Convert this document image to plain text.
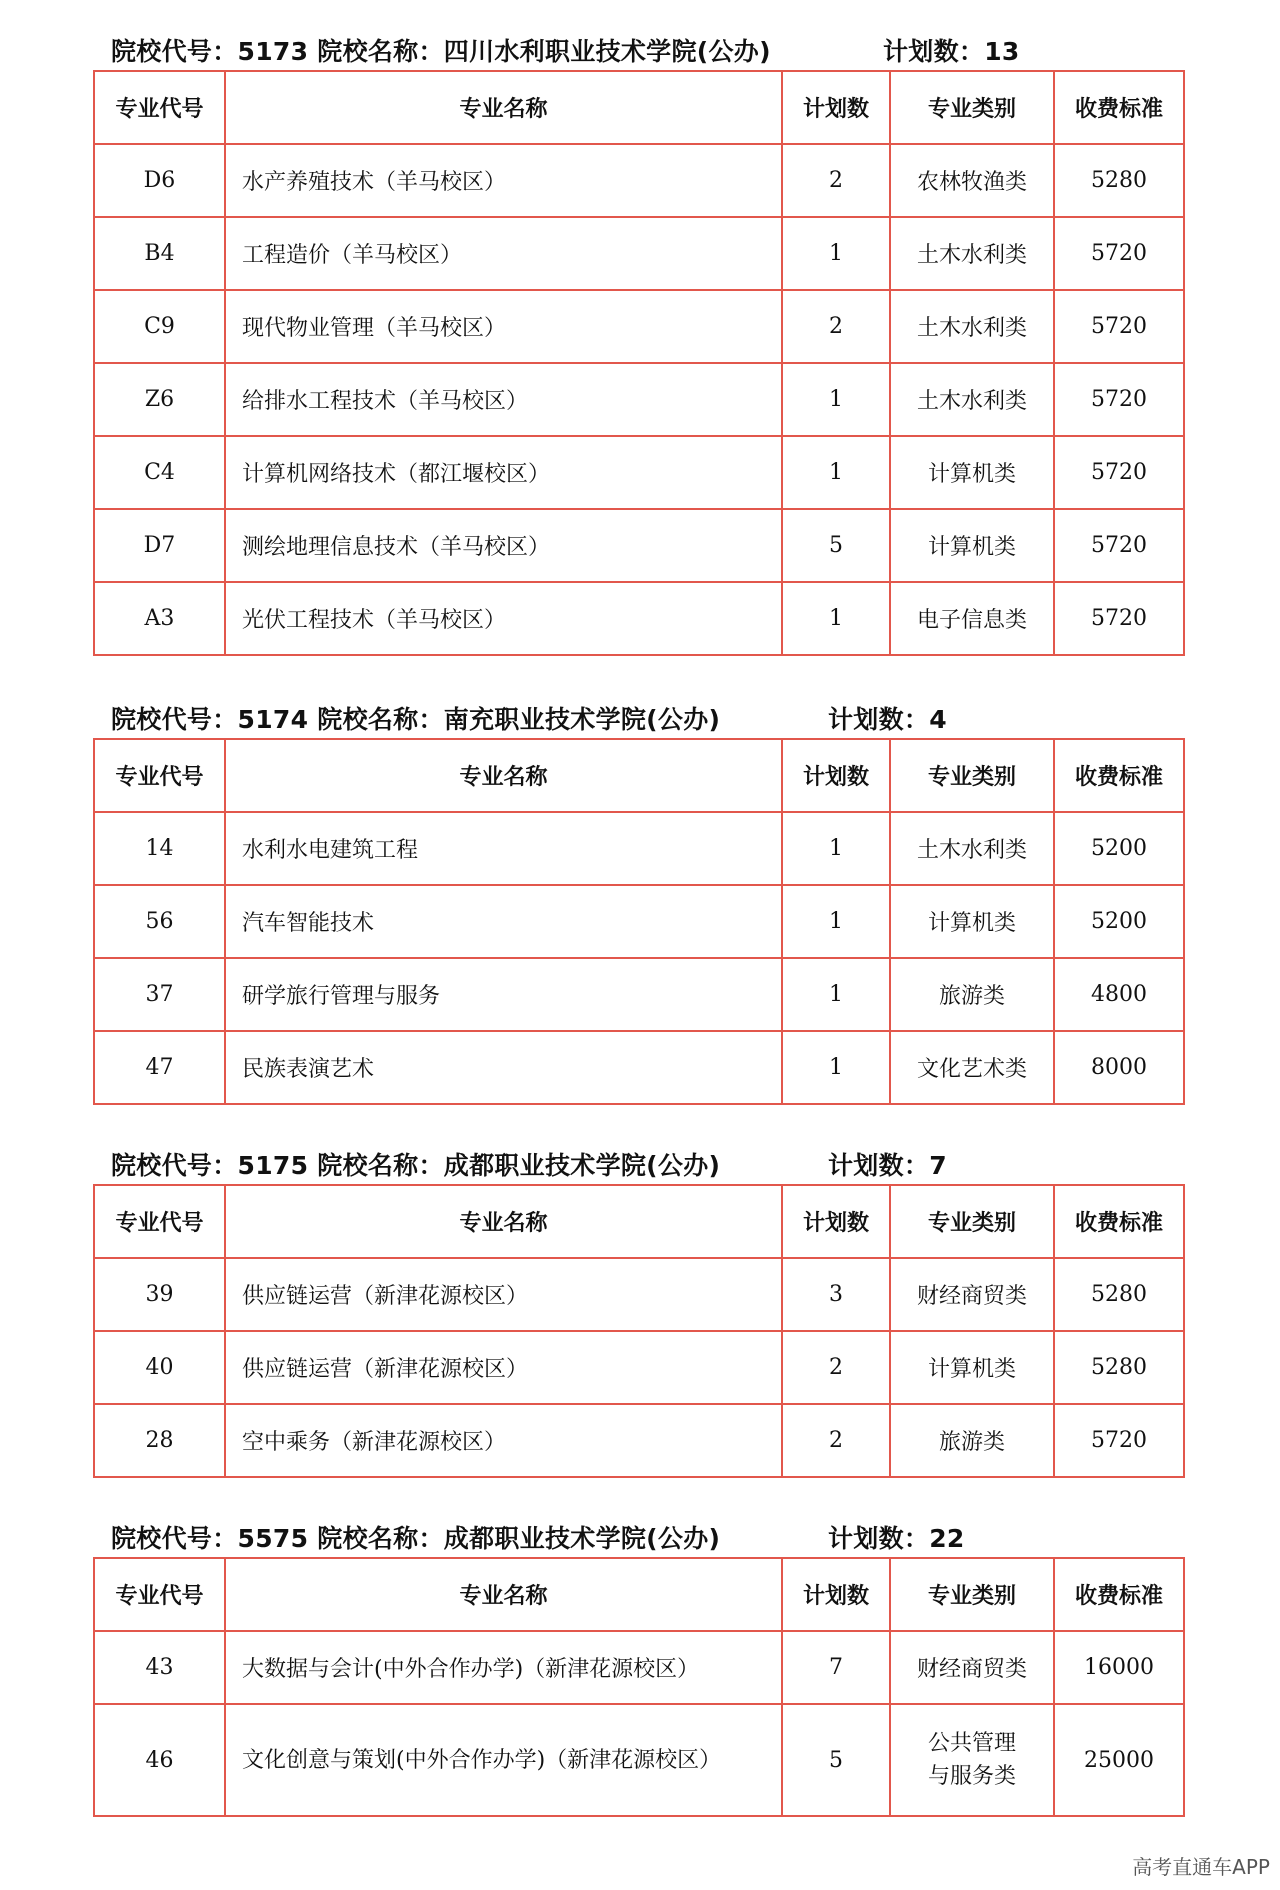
院校代号：5173 院校名称：四川水利职业技术学院(公办)	计划数：13
专业代号	专业名称	计划数	专业类别	收费标准
D6	水产养殖技术（羊马校区）	2	农林牧渔类	5280
B4	工程造价（羊马校区）	1	土木水利类	5720
C9	现代物业管理（羊马校区）	2	土木水利类	5720
Z6	给排水工程技术（羊马校区）	1	土木水利类	5720
C4	计算机网络技术（都江堰校区）	1	计算机类	5720
D7	测绘地理信息技术（羊马校区）	5	计算机类	5720
A3	光伏工程技术（羊马校区）	1	电子信息类	5720
院校代号：5174 院校名称：南充职业技术学院(公办)	计划数：4
专业代号	专业名称	计划数	专业类别	收费标准
14	水利水电建筑工程	1	土木水利类	5200
56	汽车智能技术	1	计算机类	5200
37	研学旅行管理与服务	1	旅游类	4800
47	民族表演艺术	1	文化艺术类	8000
院校代号：5175 院校名称：成都职业技术学院(公办)	计划数：7
专业代号	专业名称	计划数	专业类别	收费标准
39	供应链运营（新津花源校区）	3	财经商贸类	5280
40	供应链运营（新津花源校区）	2	计算机类	5280
28	空中乘务（新津花源校区）	2	旅游类	5720
院校代号：5575 院校名称：成都职业技术学院(公办)	计划数：22
专业代号	专业名称	计划数	专业类别	收费标准
43	大数据与会计(中外合作办学)（新津花源校区）	7	财经商贸类	16000
46	文化创意与策划(中外合作办学)（新津花源校区）	5	公共管理与服务类	25000
高考直通车APP
